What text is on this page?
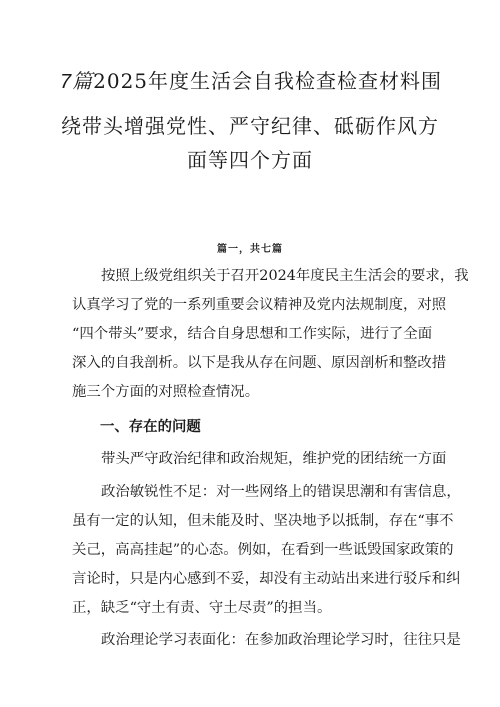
7篇2025年度生活会自我检查检查材料围
绕带头增强党性、严守纪律、砥砺作风方
面等四个方面
篇一，共七篇
按照上级党组织关于召开2024年度民主生活会的要求，我
认真学习了党的一系列重要会议精神及党内法规制度，对照
“四个带头”要求，结合自身思想和工作实际，进行了全面
深入的自我剖析。以下是我从存在问题、原因剖析和整改措
施三个方面的对照检查情况。
一、存在的问题
带头严守政治纪律和政治规矩，维护党的团结统一方面
政治敏锐性不足：对一些网络上的错误思潮和有害信息，
虽有一定的认知，但未能及时、坚决地予以抵制，存在“事不
关己，高高挂起”的心态。例如，在看到一些诋毁国家政策的
言论时，只是内心感到不妥，却没有主动站出来进行驳斥和纠
正，缺乏“守土有责、守土尽责”的担当。
政治理论学习表面化：在参加政治理论学习时，往往只是
